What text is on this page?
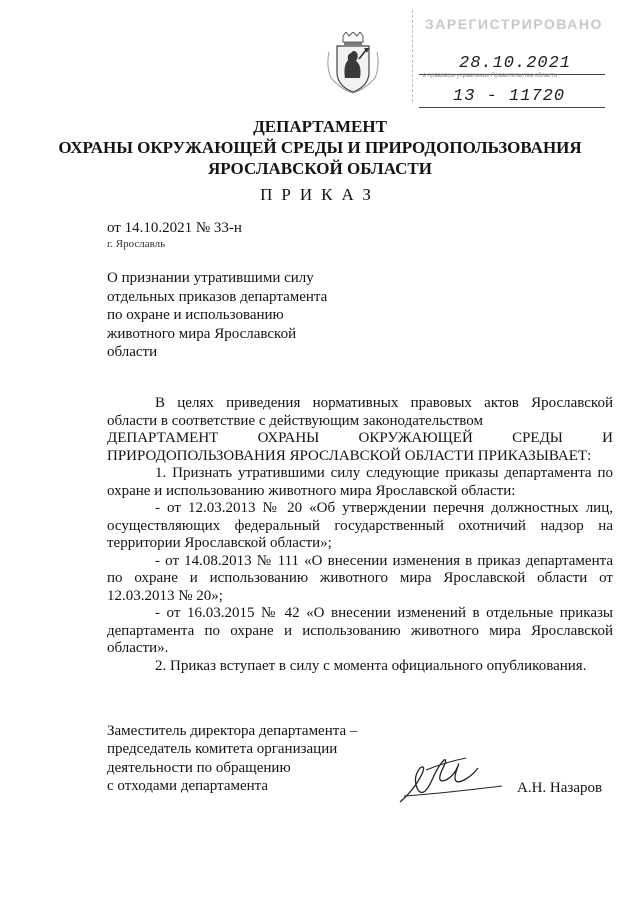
ЗАРЕГИСТРИРОВАНО
28.10.2021
в правовом управлении Правительства области
13 - 11720
ДЕПАРТАМЕНТ
ОХРАНЫ ОКРУЖАЮЩЕЙ СРЕДЫ И ПРИРОДОПОЛЬЗОВАНИЯ
ЯРОСЛАВСКОЙ ОБЛАСТИ
ПРИКАЗ
от 14.10.2021 № 33-н
г. Ярославль
О признании утратившими силу отдельных приказов департамента по охране и использованию животного мира Ярославской области

В целях приведения нормативных правовых актов Ярославской области в соответствие с действующим законодательством

ДЕПАРТАМЕНТ ОХРАНЫ ОКРУЖАЮЩЕЙ СРЕДЫ И

ПРИРОДОПОЛЬЗОВАНИЯ ЯРОСЛАВСКОЙ ОБЛАСТИ ПРИКАЗЫВАЕТ:

1. Признать утратившими силу следующие приказы департамента по охране и использованию животного мира Ярославской области:

- от 12.03.2013 № 20 «Об утверждении перечня должностных лиц, осуществляющих федеральный государственный охотничий надзор на территории Ярославской области»;

- от 14.08.2013 № 111 «О внесении изменения в приказ департамента по охране и использованию животного мира Ярославской области от 12.03.2013 № 20»;

- от 16.03.2015 № 42 «О внесении изменений в отдельные приказы департамента по охране и использованию животного мира Ярославской области».

2. Приказ вступает в силу с момента официального опубликования.

Заместитель директора департамента –
председатель комитета организации
деятельности по обращению
с отходами департамента	А.Н. Назаров
